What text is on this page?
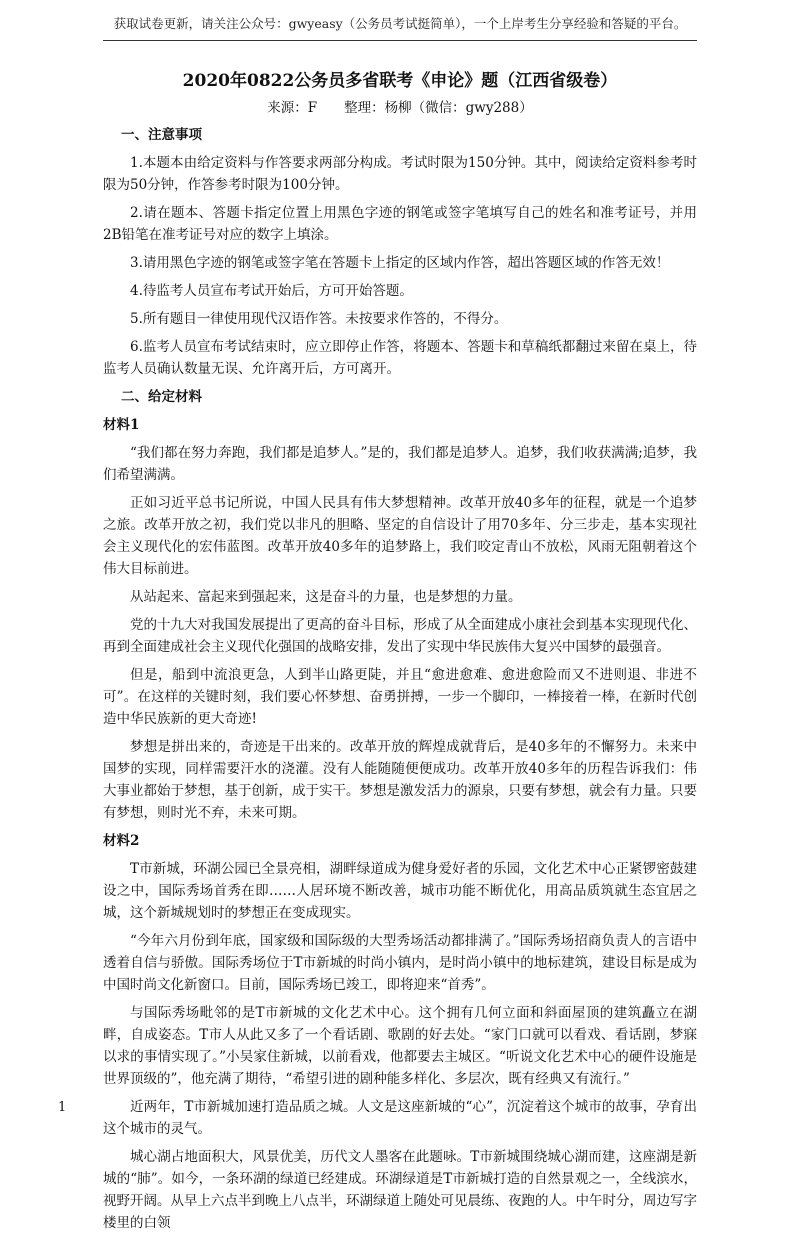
获取试卷更新，请关注公众号：gwyeasy（公务员考试挺简单），一个上岸考生分享经验和答疑的平台。
2020年0822公务员多省联考《申论》题（江西省级卷）
来源：F　　整理：杨柳（微信：gwy288）
一、注意事项

1.本题本由给定资料与作答要求两部分构成。考试时限为150分钟。其中，阅读给定资料参考时限为50分钟，作答参考时限为100分钟。

2.请在题本、答题卡指定位置上用黑色字迹的钢笔或签字笔填写自己的姓名和准考证号，并用2B铅笔在准考证号对应的数字上填涂。

3.请用黑色字迹的钢笔或签字笔在答题卡上指定的区域内作答，超出答题区域的作答无效！

4.待监考人员宣布考试开始后，方可开始答题。

5.所有题目一律使用现代汉语作答。未按要求作答的，不得分。

6.监考人员宣布考试结束时，应立即停止作答，将题本、答题卡和草稿纸都翻过来留在桌上，待监考人员确认数量无误、允许离开后，方可离开。

二、给定材料
材料1

“我们都在努力奔跑，我们都是追梦人。”是的，我们都是追梦人。追梦，我们收获满满;追梦，我们希望满满。

正如习近平总书记所说，中国人民具有伟大梦想精神。改革开放40多年的征程，就是一个追梦之旅。改革开放之初，我们党以非凡的胆略、坚定的自信设计了用70多年、分三步走，基本实现社会主义现代化的宏伟蓝图。改革开放40多年的追梦路上，我们咬定青山不放松，风雨无阻朝着这个伟大目标前进。

从站起来、富起来到强起来，这是奋斗的力量，也是梦想的力量。

党的十九大对我国发展提出了更高的奋斗目标，形成了从全面建成小康社会到基本实现现代化、再到全面建成社会主义现代化强国的战略安排，发出了实现中华民族伟大复兴中国梦的最强音。

但是，船到中流浪更急，人到半山路更陡，并且“愈进愈难、愈进愈险而又不进则退、非进不可”。在这样的关键时刻，我们要心怀梦想、奋勇拼搏，一步一个脚印，一棒接着一棒，在新时代创造中华民族新的更大奇迹!

梦想是拼出来的，奇迹是干出来的。改革开放的辉煌成就背后，是40多年的不懈努力。未来中国梦的实现，同样需要汗水的浇灌。没有人能随随便便成功。改革开放40多年的历程告诉我们：伟大事业都始于梦想，基于创新，成于实干。梦想是激发活力的源泉，只要有梦想，就会有力量。只要有梦想，则时光不弃，未来可期。

材料2

T市新城，环湖公园已全景亮相，湖畔绿道成为健身爱好者的乐园，文化艺术中心正紧锣密鼓建设之中，国际秀场首秀在即……人居环境不断改善，城市功能不断优化，用高品质筑就生态宜居之城，这个新城规划时的梦想正在变成现实。

“今年六月份到年底，国家级和国际级的大型秀场活动都排满了。”国际秀场招商负责人的言语中透着自信与骄傲。国际秀场位于T市新城的时尚小镇内，是时尚小镇中的地标建筑，建设目标是成为中国时尚文化新窗口。目前，国际秀场已竣工，即将迎来“首秀”。

与国际秀场毗邻的是T市新城的文化艺术中心。这个拥有几何立面和斜面屋顶的建筑矗立在湖畔，自成姿态。T市人从此又多了一个看话剧、歌剧的好去处。“家门口就可以看戏、看话剧，梦寐以求的事情实现了。”小吴家住新城，以前看戏，他都要去主城区。“听说文化艺术中心的硬件设施是世界顶级的”，他充满了期待，“希望引进的剧种能多样化、多层次，既有经典又有流行。”

近两年，T市新城加速打造品质之城。人文是这座新城的“心”，沉淀着这个城市的故事，孕育出这个城市的灵气。

城心湖占地面积大，风景优美，历代文人墨客在此题咏。T市新城围绕城心湖而建，这座湖是新城的“肺”。如今，一条环湖的绿道已经建成。环湖绿道是T市新城打造的自然景观之一，全线滨水，视野开阔。从早上六点半到晚上八点半，环湖绿道上随处可见晨练、夜跑的人。中午时分，周边写字楼里的白领

1
